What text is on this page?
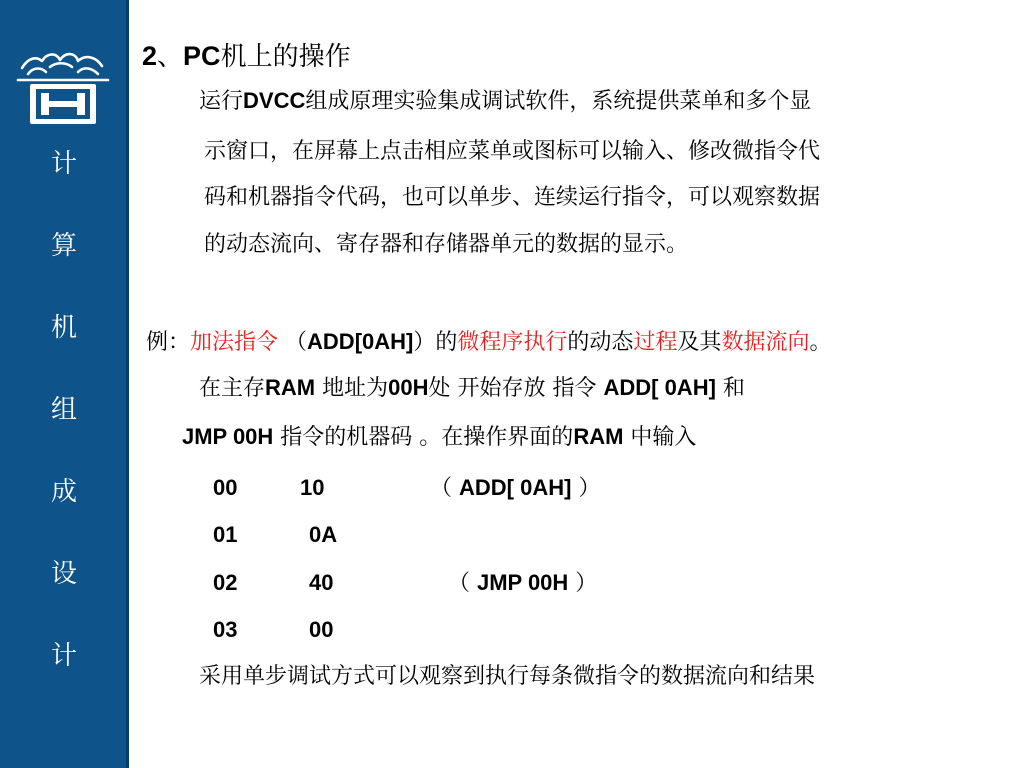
计
算
机
组
成
设
计
2、PC机上的操作
运行DVCC组成原理实验集成调试软件，系统提供菜单和多个显
示窗口，在屏幕上点击相应菜单或图标可以输入、修改微指令代
码和机器指令代码，也可以单步、连续运行指令，可以观察数据
的动态流向、寄存器和存储器单元的数据的显示。
例：加法指令 （ADD[0AH]）的微程序执行的动态过程及其数据流向。
在主存RAM 地址为00H处 开始存放 指令 ADD[ 0AH] 和
JMP 00H 指令的机器码 。在操作界面的RAM 中输入
00	10	（ ADD[ 0AH] ）
01	0A
02	40	（ JMP 00H ）
03	00
采用单步调试方式可以观察到执行每条微指令的数据流向和结果
